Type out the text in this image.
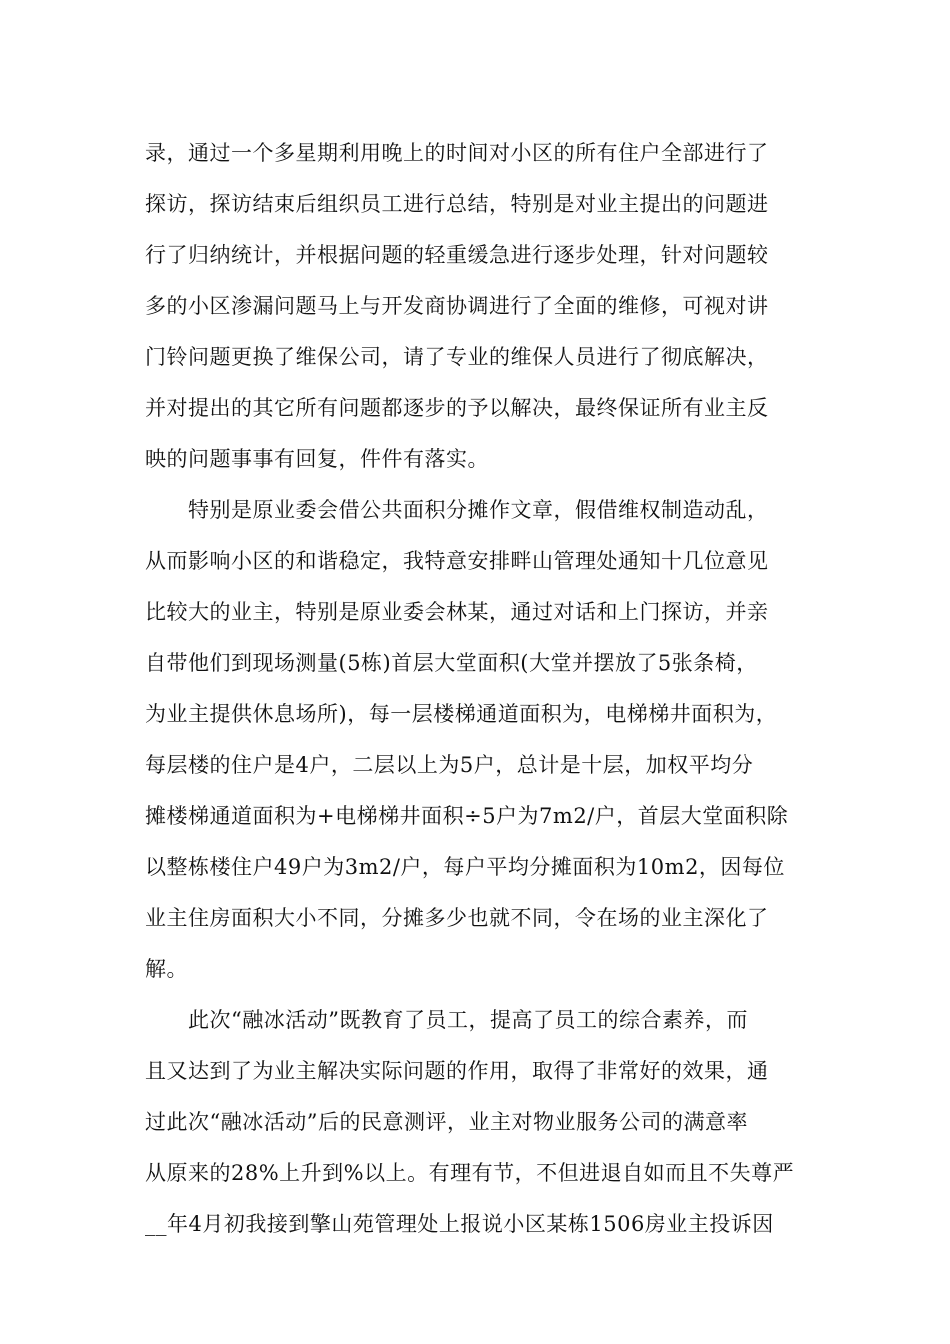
录，通过一个多星期利用晚上的时间对小区的所有住户全部进行了
探访，探访结束后组织员工进行总结，特别是对业主提出的问题进
行了归纳统计，并根据问题的轻重缓急进行逐步处理，针对问题较
多的小区渗漏问题马上与开发商协调进行了全面的维修，可视对讲
门铃问题更换了维保公司，请了专业的维保人员进行了彻底解决，
并对提出的其它所有问题都逐步的予以解决，最终保证所有业主反
映的问题事事有回复，件件有落实。

　　特别是原业委会借公共面积分摊作文章，假借维权制造动乱，
从而影响小区的和谐稳定，我特意安排畔山管理处通知十几位意见
比较大的业主，特别是原业委会林某，通过对话和上门探访，并亲
自带他们到现场测量(5栋)首层大堂面积(大堂并摆放了5张条椅，
为业主提供休息场所)，每一层楼梯通道面积为，电梯梯井面积为，
每层楼的住户是4户，二层以上为5户，总计是十层，加权平均分
摊楼梯通道面积为+电梯梯井面积÷5户为7m2/户，首层大堂面积除
以整栋楼住户49户为3m2/户，每户平均分摊面积为10m2，因每位
业主住房面积大小不同，分摊多少也就不同，令在场的业主深化了
解。

　　此次“融冰活动”既教育了员工，提高了员工的综合素养，而
且又达到了为业主解决实际问题的作用，取得了非常好的效果，通
过此次“融冰活动”后的民意测评，业主对物业服务公司的满意率
从原来的28%上升到%以上。有理有节，不但进退自如而且不失尊严
__年4月初我接到擎山苑管理处上报说小区某栋1506房业主投诉因
